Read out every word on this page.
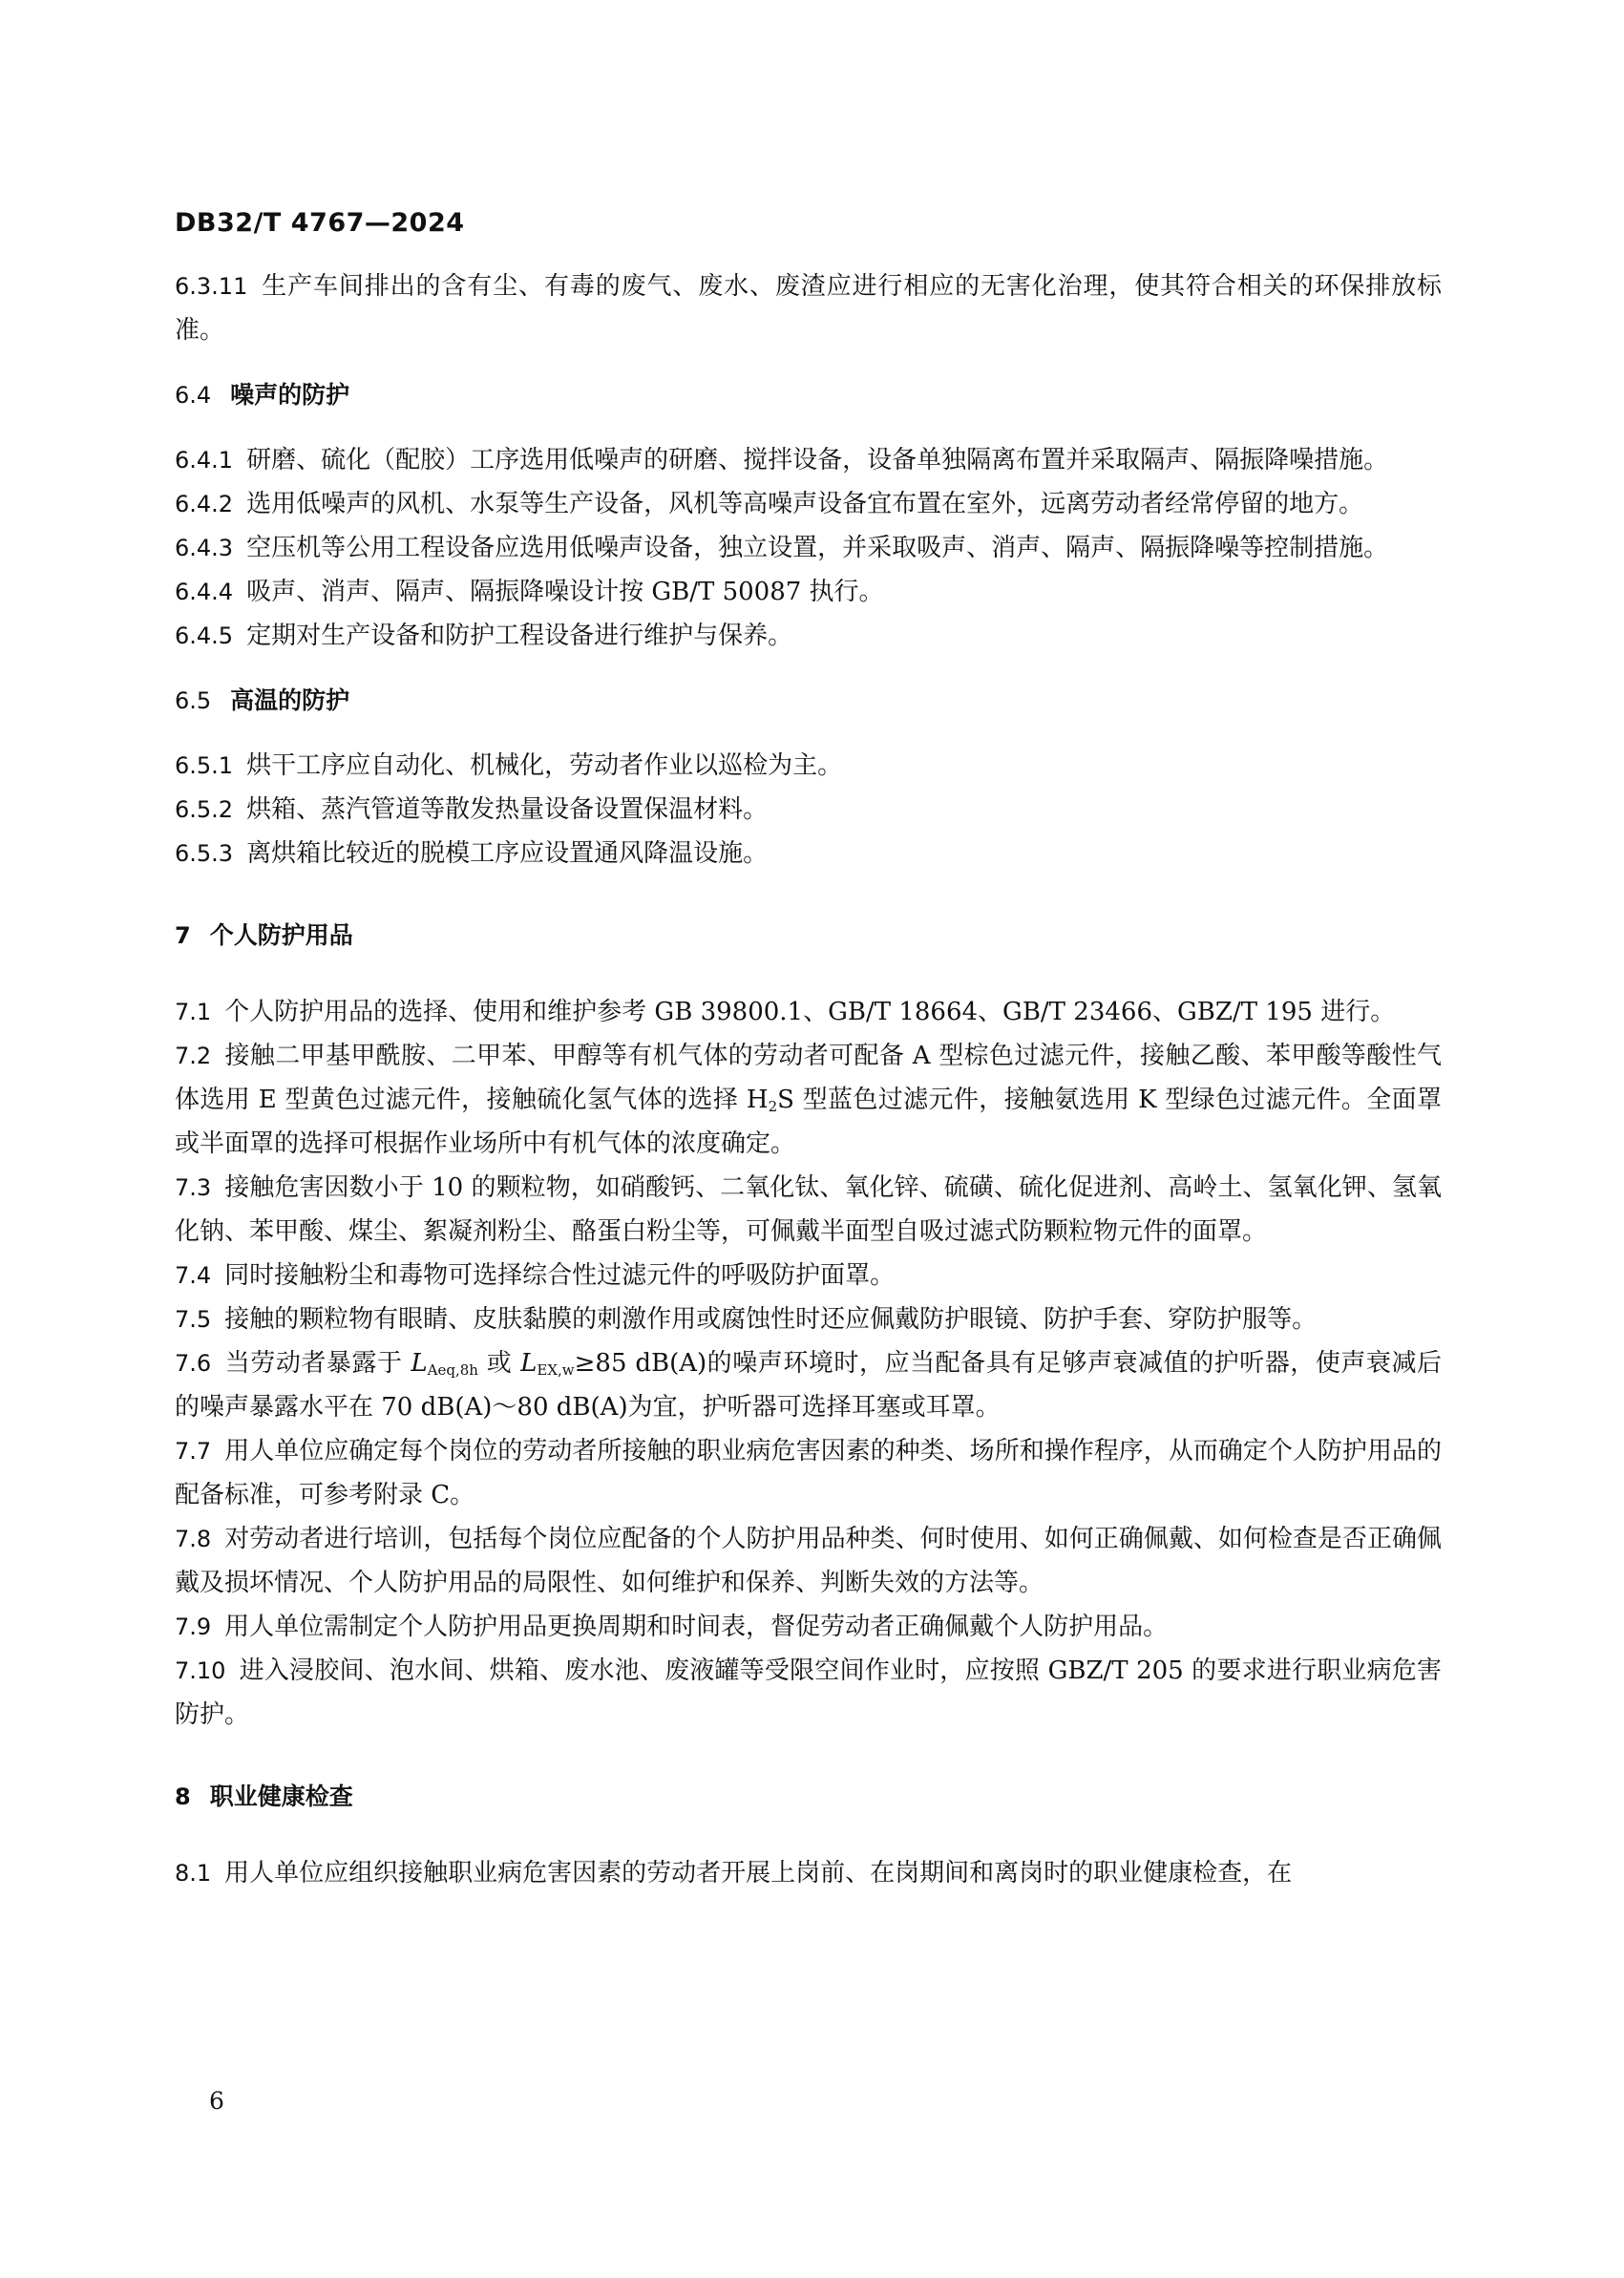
DB32/T 4767—2024

6.3.11 生产车间排出的含有尘、有毒的废气、废水、废渣应进行相应的无害化治理，使其符合相关的环保排放标准。

6.4 噪声的防护

6.4.1 研磨、硫化（配胶）工序选用低噪声的研磨、搅拌设备，设备单独隔离布置并采取隔声、隔振降噪措施。

6.4.2 选用低噪声的风机、水泵等生产设备，风机等高噪声设备宜布置在室外，远离劳动者经常停留的地方。

6.4.3 空压机等公用工程设备应选用低噪声设备，独立设置，并采取吸声、消声、隔声、隔振降噪等控制措施。

6.4.4 吸声、消声、隔声、隔振降噪设计按 GB/T 50087 执行。

6.4.5 定期对生产设备和防护工程设备进行维护与保养。

6.5 高温的防护

6.5.1 烘干工序应自动化、机械化，劳动者作业以巡检为主。

6.5.2 烘箱、蒸汽管道等散发热量设备设置保温材料。

6.5.3 离烘箱比较近的脱模工序应设置通风降温设施。

7 个人防护用品

7.1 个人防护用品的选择、使用和维护参考 GB 39800.1、GB/T 18664、GB/T 23466、GBZ/T 195 进行。

7.2 接触二甲基甲酰胺、二甲苯、甲醇等有机气体的劳动者可配备 A 型棕色过滤元件，接触乙酸、苯甲酸等酸性气体选用 E 型黄色过滤元件，接触硫化氢气体的选择 $H_2S$ 型蓝色过滤元件，接触氨选用 K 型绿色过滤元件。全面罩或半面罩的选择可根据作业场所中有机气体的浓度确定。

7.3 接触危害因数小于 10 的颗粒物，如硝酸钙、二氧化钛、氧化锌、硫磺、硫化促进剂、高岭土、氢氧化钾、氢氧化钠、苯甲酸、煤尘、絮凝剂粉尘、酪蛋白粉尘等，可佩戴半面型自吸过滤式防颗粒物元件的面罩。

7.4 同时接触粉尘和毒物可选择综合性过滤元件的呼吸防护面罩。

7.5 接触的颗粒物有眼睛、皮肤黏膜的刺激作用或腐蚀性时还应佩戴防护眼镜、防护手套、穿防护服等。

7.6 当劳动者暴露于 $L_{Aeq,8h}$ 或 $L_{EX,w}\ge 85$ dB(A)的噪声环境时，应当配备具有足够声衰减值的护听器，使声衰减后的噪声暴露水平在 70 dB(A)～80 dB(A)为宜，护听器可选择耳塞或耳罩。

7.7 用人单位应确定每个岗位的劳动者所接触的职业病危害因素的种类、场所和操作程序，从而确定个人防护用品的配备标准，可参考附录 C。

7.8 对劳动者进行培训，包括每个岗位应配备的个人防护用品种类、何时使用、如何正确佩戴、如何检查是否正确佩戴及损坏情况、个人防护用品的局限性、如何维护和保养、判断失效的方法等。

7.9 用人单位需制定个人防护用品更换周期和时间表，督促劳动者正确佩戴个人防护用品。

7.10 进入浸胶间、泡水间、烘箱、废水池、废液罐等受限空间作业时，应按照 GBZ/T 205 的要求进行职业病危害防护。

8 职业健康检查

8.1 用人单位应组织接触职业病危害因素的劳动者开展上岗前、在岗期间和离岗时的职业健康检查，在

6
